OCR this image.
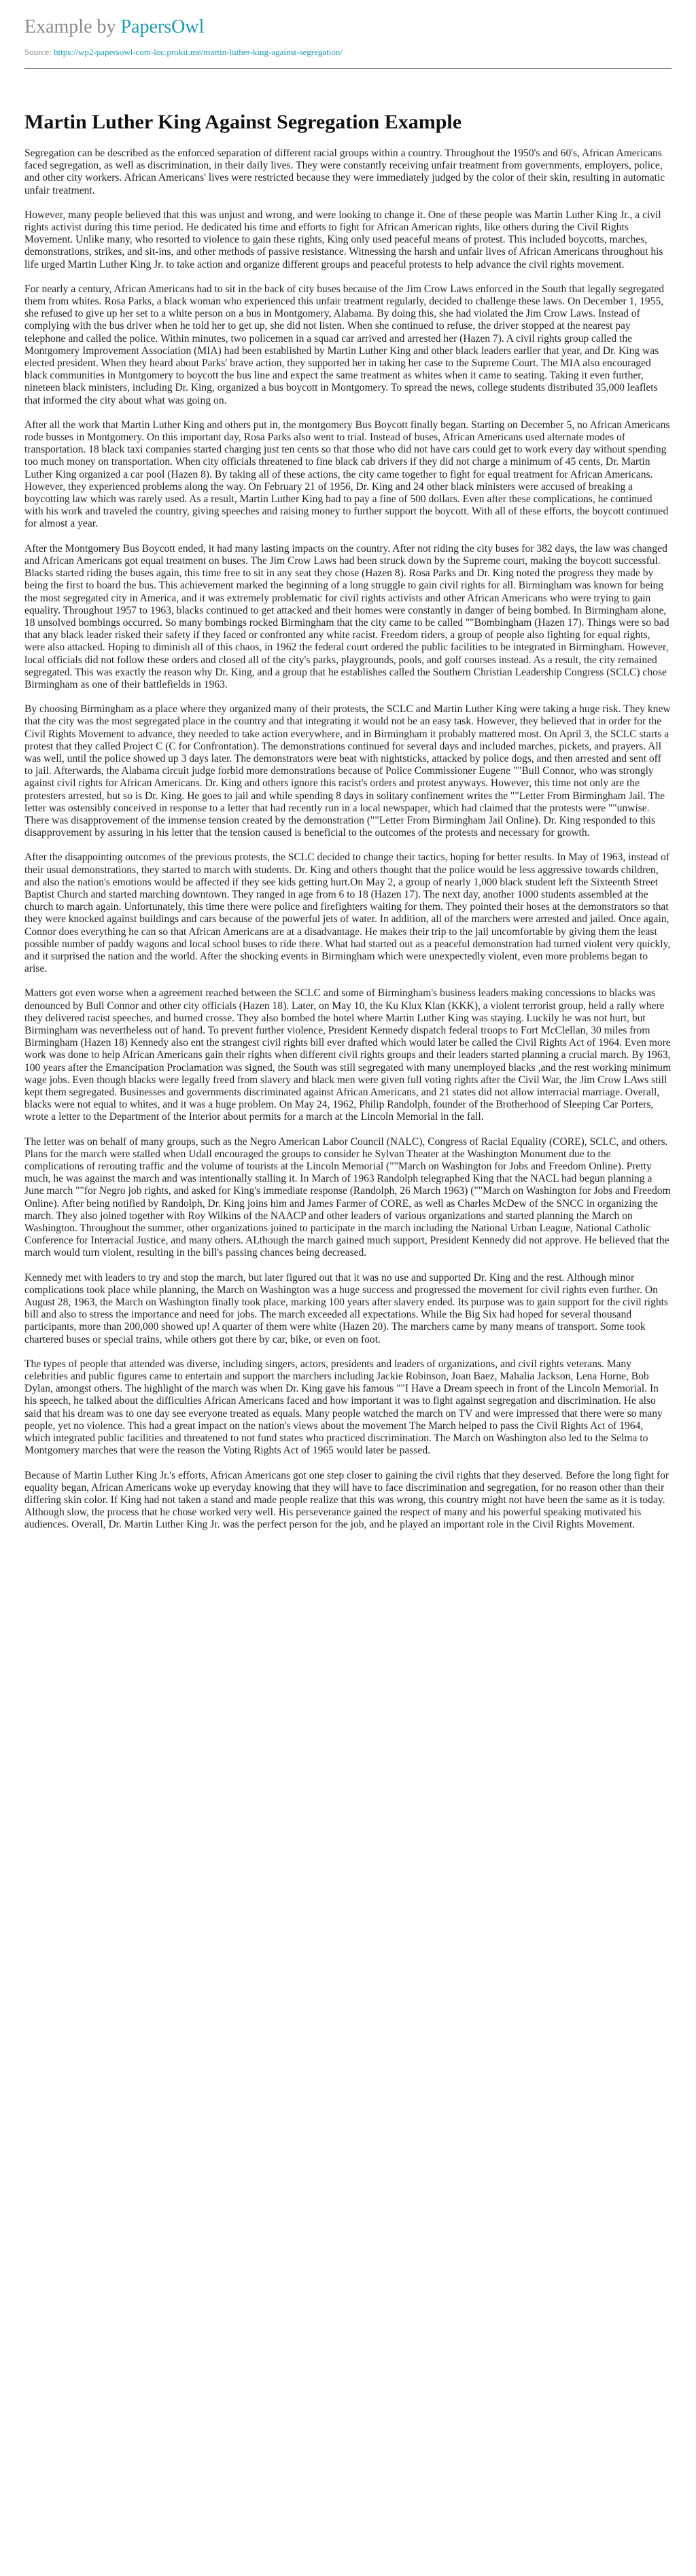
Example by PapersOwl
Source: https://wp2-papersowl-com-loc.prokit.me/martin-luther-king-against-segregation/
Martin Luther King Against Segregation Example

Segregation can be described as the enforced separation of different racial groups within a country. Throughout the 1950's and 60's, African Americans faced segregation, as well as discrimination, in their daily lives. They were constantly receiving unfair treatment from governments, employers, police, and other city workers. African Americans' lives were restricted because they were immediately judged by the color of their skin, resulting in automatic unfair treatment.

However, many people believed that this was unjust and wrong, and were looking to change it. One of these people was Martin Luther King Jr., a civil rights activist during this time period. He dedicated his time and efforts to fight for African American rights, like others during the Civil Rights Movement. Unlike many, who resorted to violence to gain these rights, King only used peaceful means of protest. This included boycotts, marches, demonstrations, strikes, and sit-ins, and other methods of passive resistance. Witnessing the harsh and unfair lives of African Americans throughout his life urged Martin Luther King Jr. to take action and organize different groups and peaceful protests to help advance the civil rights movement.

For nearly a century, African Americans had to sit in the back of city buses because of the Jim Crow Laws enforced in the South that legally segregated them from whites. Rosa Parks, a black woman who experienced this unfair treatment regularly, decided to challenge these laws. On December 1, 1955, she refused to give up her set to a white person on a bus in Montgomery, Alabama. By doing this, she had violated the Jim Crow Laws. Instead of complying with the bus driver when he told her to get up, she did not listen. When she continued to refuse, the driver stopped at the nearest pay telephone and called the police. Within minutes, two policemen in a squad car arrived and arrested her (Hazen 7). A civil rights group called the Montgomery Improvement Association (MIA) had been established by Martin Luther King and other black leaders earlier that year, and Dr. King was elected president. When they heard about Parks' brave action, they supported her in taking her case to the Supreme Court. The MIA also encouraged black communities in Montgomery to boycott the bus line and expect the same treatment as whites when it came to seating. Taking it even further, nineteen black ministers, including Dr. King, organized a bus boycott in Montgomery. To spread the news, college students distributed 35,000 leaflets that informed the city about what was going on.

After all the work that Martin Luther King and others put in, the montgomery Bus Boycott finally began. Starting on December 5, no African Americans rode busses in Montgomery. On this important day, Rosa Parks also went to trial. Instead of buses, African Americans used alternate modes of transportation. 18 black taxi companies started charging just ten cents so that those who did not have cars could get to work every day without spending too much money on transportation. When city officials threatened to fine black cab drivers if they did not charge a minimum of 45 cents, Dr. Martin Luther King organized a car pool (Hazen 8). By taking all of these actions, the city came together to fight for equal treatment for African Americans. However, they experienced problems along the way. On February 21 of 1956, Dr. King and 24 other black ministers were accused of breaking a boycotting law which was rarely used. As a result, Martin Luther King had to pay a fine of 500 dollars. Even after these complications, he continued with his work and traveled the country, giving speeches and raising money to further support the boycott. With all of these efforts, the boycott continued for almost a year.

After the Montgomery Bus Boycott ended, it had many lasting impacts on the country. After not riding the city buses for 382 days, the law was changed and African Americans got equal treatment on buses. The Jim Crow Laws had been struck down by the Supreme court, making the boycott successful. Blacks started riding the buses again, this time free to sit in any seat they chose (Hazen 8). Rosa Parks and Dr. King noted the progress they made by being the first to board the bus. This achievement marked the beginning of a long struggle to gain civil rights for all. Birmingham was known for being the most segregated city in America, and it was extremely problematic for civil rights activists and other African Americans who were trying to gain equality. Throughout 1957 to 1963, blacks continued to get attacked and their homes were constantly in danger of being bombed. In Birmingham alone, 18 unsolved bombings occurred. So many bombings rocked Birmingham that the city came to be called ""Bombingham (Hazen 17). Things were so bad that any black leader risked their safety if they faced or confronted any white racist. Freedom riders, a group of people also fighting for equal rights, were also attacked. Hoping to diminish all of this chaos, in 1962 the federal court ordered the public facilities to be integrated in Birmingham. However, local officials did not follow these orders and closed all of the city's parks, playgrounds, pools, and golf courses instead. As a result, the city remained segregated. This was exactly the reason why Dr. King, and a group that he establishes called the Southern Christian Leadership Congress (SCLC) chose Birmingham as one of their battlefields in 1963.

By choosing Birmingham as a place where they organized many of their protests, the SCLC and Martin Luther King were taking a huge risk. They knew that the city was the most segregated place in the country and that integrating it would not be an easy task. However, they believed that in order for the Civil Rights Movement to advance, they needed to take action everywhere, and in Birmingham it probably mattered most. On April 3, the SCLC starts a protest that they called Project C (C for Confrontation). The demonstrations continued for several days and included marches, pickets, and prayers. All was well, until the police showed up 3 days later. The demonstrators were beat with nightsticks, attacked by police dogs, and then arrested and sent off to jail. Afterwards, the Alabama circuit judge forbid more demonstrations because of Police Commissioner Eugene ""Bull Connor, who was strongly against civil rights for African Americans. Dr. King and others ignore this racist's orders and protest anyways. However, this time not only are the protesters arrested, but so is Dr. King. He goes to jail and while spending 8 days in solitary confinement writes the ""Letter From Birmingham Jail. The letter was ostensibly conceived in response to a letter that had recently run in a local newspaper, which had claimed that the protests were ""unwise. There was disapprovement of the immense tension created by the demonstration (""Letter From Birmingham Jail Online). Dr. King responded to this disapprovement by assuring in his letter that the tension caused is beneficial to the outcomes of the protests and necessary for growth.

After the disappointing outcomes of the previous protests, the SCLC decided to change their tactics, hoping for better results. In May of 1963, instead of their usual demonstrations, they started to march with students. Dr. King and others thought that the police would be less aggressive towards children, and also the nation's emotions would be affected if they see kids getting hurt.On May 2, a group of nearly 1,000 black student left the Sixteenth Street Baptist Church and started marching downtown. They ranged in age from 6 to 18 (Hazen 17). The next day, another 1000 students assembled at the church to march again. Unfortunately, this time there were police and firefighters waiting for them. They pointed their hoses at the demonstrators so that they were knocked against buildings and cars because of the powerful jets of water. In addition, all of the marchers were arrested and jailed. Once again, Connor does everything he can so that African Americans are at a disadvantage. He makes their trip to the jail uncomfortable by giving them the least possible number of paddy wagons and local school buses to ride there. What had started out as a peaceful demonstration had turned violent very quickly, and it surprised the nation and the world. After the shocking events in Birmingham which were unexpectedly violent, even more problems began to arise.

Matters got even worse when a agreement reached between the SCLC and some of Birmingham's business leaders making concessions to blacks was denounced by Bull Connor and other city officials (Hazen 18). Later, on May 10, the Ku Klux Klan (KKK), a violent terrorist group, held a rally where they delivered racist speeches, and burned crosse. They also bombed the hotel where Martin Luther King was staying. Luckily he was not hurt, but Birmingham was nevertheless out of hand. To prevent further violence, President Kennedy dispatch federal troops to Fort McClellan, 30 miles from Birmingham (Hazen 18) Kennedy also ent the strangest civil rights bill ever drafted which would later be called the Civil Rights Act of 1964. Even more work was done to help African Americans gain their rights when different civil rights groups and their leaders started planning a crucial march. By 1963, 100 years after the Emancipation Proclamation was signed, the South was still segregated with many unemployed blacks ,and the rest working minimum wage jobs. Even though blacks were legally freed from slavery and black men were given full voting rights after the Civil War, the Jim Crow LAws still kept them segregated. Businesses and governments discriminated against African Americans, and 21 states did not allow interracial marriage. Overall, blacks were not equal to whites, and it was a huge problem. On May 24, 1962, Philip Randolph, founder of the Brotherhood of Sleeping Car Porters, wrote a letter to the Department of the Interior about permits for a march at the Lincoln Memorial in the fall.

The letter was on behalf of many groups, such as the Negro American Labor Council (NALC), Congress of Racial Equality (CORE), SCLC, and others. Plans for the march were stalled when Udall encouraged the groups to consider he Sylvan Theater at the Washington Monument due to the complications of rerouting traffic and the volume of tourists at the Lincoln Memorial (""March on Washington for Jobs and Freedom Online). Pretty much, he was against the march and was intentionally stalling it. In March of 1963 Randolph telegraphed King that the NACL had begun planning a June march ""for Negro job rights, and asked for King's immediate response (Randolph, 26 March 1963) (""March on Washington for Jobs and Freedom Online). After being notified by Randolph, Dr. King joins him and James Farmer of CORE, as well as Charles McDew of the SNCC in organizing the march. They also joined together with Roy Wilkins of the NAACP and other leaders of various organizations and started planning the March on Washington. Throughout the summer, other organizations joined to participate in the march including the National Urban League, National Catholic Conference for Interracial Justice, and many others. ALthough the march gained much support, President Kennedy did not approve. He believed that the march would turn violent, resulting in the bill's passing chances being decreased.

Kennedy met with leaders to try and stop the march, but later figured out that it was no use and supported Dr. King and the rest. Although minor complications took place while planning, the March on Washington was a huge success and progressed the movement for civil rights even further. On August 28, 1963, the March on Washington finally took place, marking 100 years after slavery ended. Its purpose was to gain support for the civil rights bill and also to stress the importance and need for jobs. The march exceeded all expectations. While the Big Six had hoped for several thousand participants, more than 200,000 showed up! A quarter of them were white (Hazen 20). The marchers came by many means of transport. Some took chartered buses or special trains, while others got there by car, bike, or even on foot.

The types of people that attended was diverse, including singers, actors, presidents and leaders of organizations, and civil rights veterans. Many celebrities and public figures came to entertain and support the marchers including Jackie Robinson, Joan Baez, Mahalia Jackson, Lena Horne, Bob Dylan, amongst others. The highlight of the march was when Dr. King gave his famous ""I Have a Dream speech in front of the Lincoln Memorial. In his speech, he talked about the difficulties African Americans faced and how important it was to fight against segregation and discrimination. He also said that his dream was to one day see everyone treated as equals. Many people watched the march on TV and were impressed that there were so many people, yet no violence. This had a great impact on the nation's views about the movement The March helped to pass the Civil Rights Act of 1964, which integrated public facilities and threatened to not fund states who practiced discrimination. The March on Washington also led to the Selma to Montgomery marches that were the reason the Voting Rights Act of 1965 would later be passed.

Because of Martin Luther King Jr.'s efforts, African Americans got one step closer to gaining the civil rights that they deserved. Before the long fight for equality began, African Americans woke up everyday knowing that they will have to face discrimination and segregation, for no reason other than their differing skin color. If King had not taken a stand and made people realize that this was wrong, this country might not have been the same as it is today. Although slow, the process that he chose worked very well. His perseverance gained the respect of many and his powerful speaking motivated his audiences. Overall, Dr. Martin Luther King Jr. was the perfect person for the job, and he played an important role in the Civil Rights Movement.
